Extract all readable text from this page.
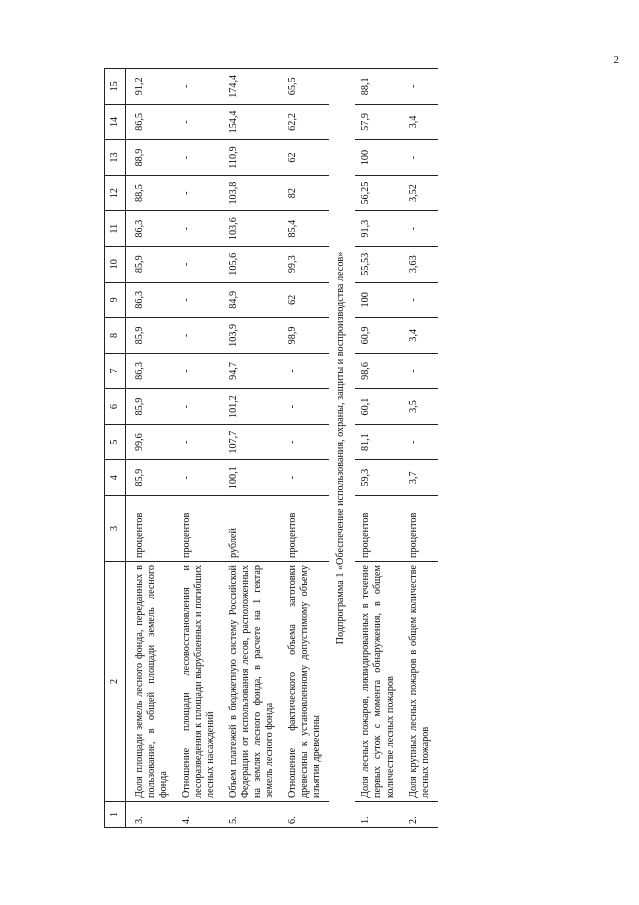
2
1	2	3	4	5	6	7	8	9	10	11	12	13	14	15
3.	Доля площади земель лесного фонда, переданных в пользование, в общей площади земель лесного фонда	процентов	85,9	99,6	85,9	86,3	85,9	86,3	85,9	86,3	88,5	88,9	86,5	91,2
4.	Отношение площади лесовосстановления и лесоразведения к площади вырубленных и погибших лесных насаждений	процентов	-	-	-	-	-	-	-	-	-	-	-	-
5.	Объем платежей в бюджетную систему Российской Федерации от использования лесов, расположенных на землях лесного фонда, в расчете на 1 гектар земель лесного фонда	рублей	100,1	107,7	101,2	94,7	103,9	84,9	105,6	103,6	103,8	110,9	154,4	174,4
6.	Отношение фактического объема заготовки древесины к установленному допустимому объему изъятия древесины	процентов	-	-	-	-	98,9	62	99,3	85,4	82	62	62,2	65,5
Подпрограмма 1 «Обеспечение использования, охраны, защиты и воспроизводства лесов»														
1.	Доля лесных пожаров, ликвидированных в течение первых суток с момента обнаружения, в общем количестве лесных пожаров	процентов	59,3	81,1	60,1	98,6	60,9	100	55,53	91,3	56,25	100	57,9	88,1
2.	Доля крупных лесных пожаров в общем количестве лесных пожаров	процентов	3,7	-	3,5	-	3,4	-	3,63	-	3,52	-	3,4	-
